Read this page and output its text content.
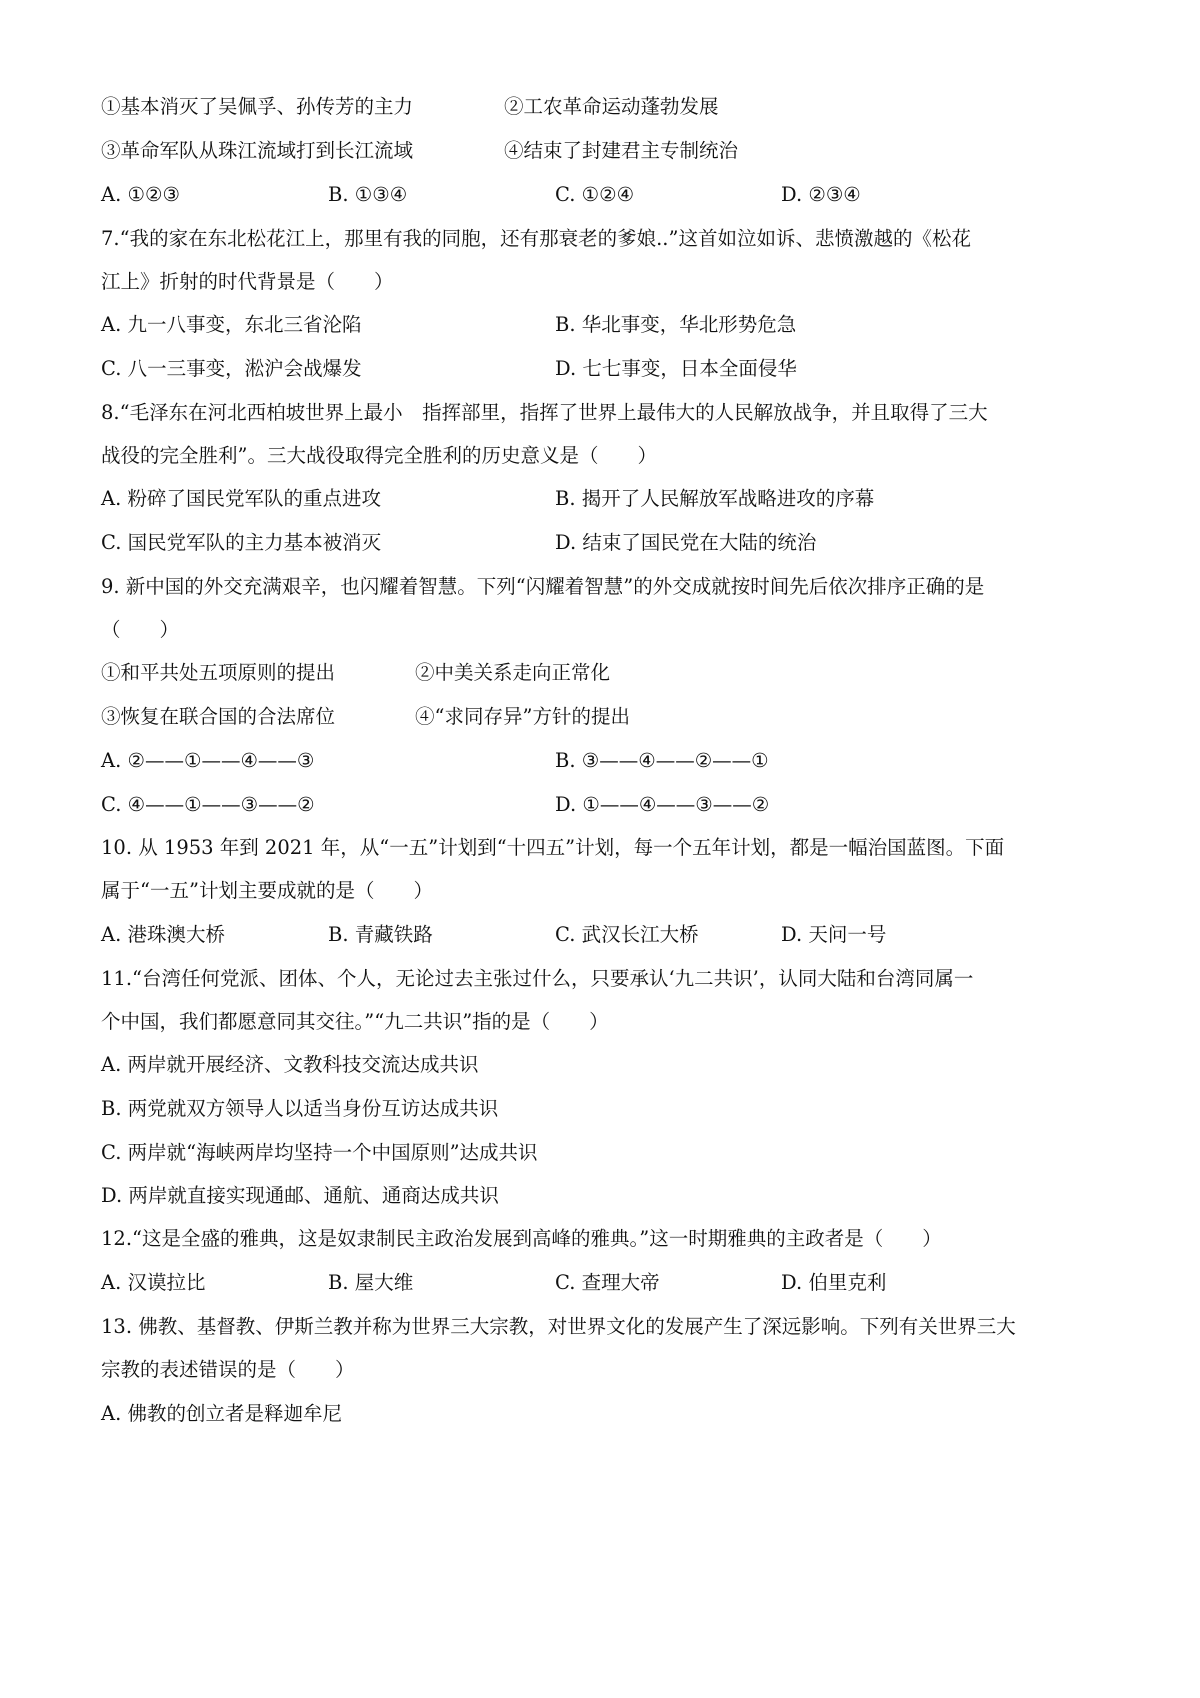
①基本消灭了吴佩孚、孙传芳的主力	②工农革命运动蓬勃发展
③革命军队从珠江流域打到长江流域	④结束了封建君主专制统治
A. ①②③	B. ①③④	C. ①②④	D. ②③④
7.“我的家在东北松花江上，那里有我的同胞，还有那衰老的爹娘..”这首如泣如诉、悲愤激越的《松花
江上》折射的时代背景是（　　）
A. 九一八事变，东北三省沦陷	B. 华北事变，华北形势危急
C. 八一三事变，淞沪会战爆发	D. 七七事变，日本全面侵华
8.“毛泽东在河北西柏坡世界上最小　指挥部里，指挥了世界上最伟大的人民解放战争，并且取得了三大
战役的完全胜利”。三大战役取得完全胜利的历史意义是（　　）
A. 粉碎了国民党军队的重点进攻	B. 揭开了人民解放军战略进攻的序幕
C. 国民党军队的主力基本被消灭	D. 结束了国民党在大陆的统治
9. 新中国的外交充满艰辛，也闪耀着智慧。下列“闪耀着智慧”的外交成就按时间先后依次排序正确的是
（　　）
①和平共处五项原则的提出	②中美关系走向正常化
③恢复在联合国的合法席位	④“求同存异”方针的提出
A. ②——①——④——③	B. ③——④——②——①
C. ④——①——③——②	D. ①——④——③——②
10. 从 1953 年到 2021 年，从“一五”计划到“十四五”计划，每一个五年计划，都是一幅治国蓝图。下面
属于“一五”计划主要成就的是（　　）
A. 港珠澳大桥	B. 青藏铁路	C. 武汉长江大桥	D. 天问一号
11.“台湾任何党派、团体、个人，无论过去主张过什么，只要承认‘九二共识’，认同大陆和台湾同属一
个中国，我们都愿意同其交往。”“九二共识”指的是（　　）
A. 两岸就开展经济、文教科技交流达成共识
B. 两党就双方领导人以适当身份互访达成共识
C. 两岸就“海峡两岸均坚持一个中国原则”达成共识
D. 两岸就直接实现通邮、通航、通商达成共识
12.“这是全盛的雅典，这是奴隶制民主政治发展到高峰的雅典。”这一时期雅典的主政者是（　　）
A. 汉谟拉比	B. 屋大维	C. 查理大帝	D. 伯里克利
13. 佛教、基督教、伊斯兰教并称为世界三大宗教，对世界文化的发展产生了深远影响。下列有关世界三大
宗教的表述错误的是（　　）
A. 佛教的创立者是释迦牟尼
